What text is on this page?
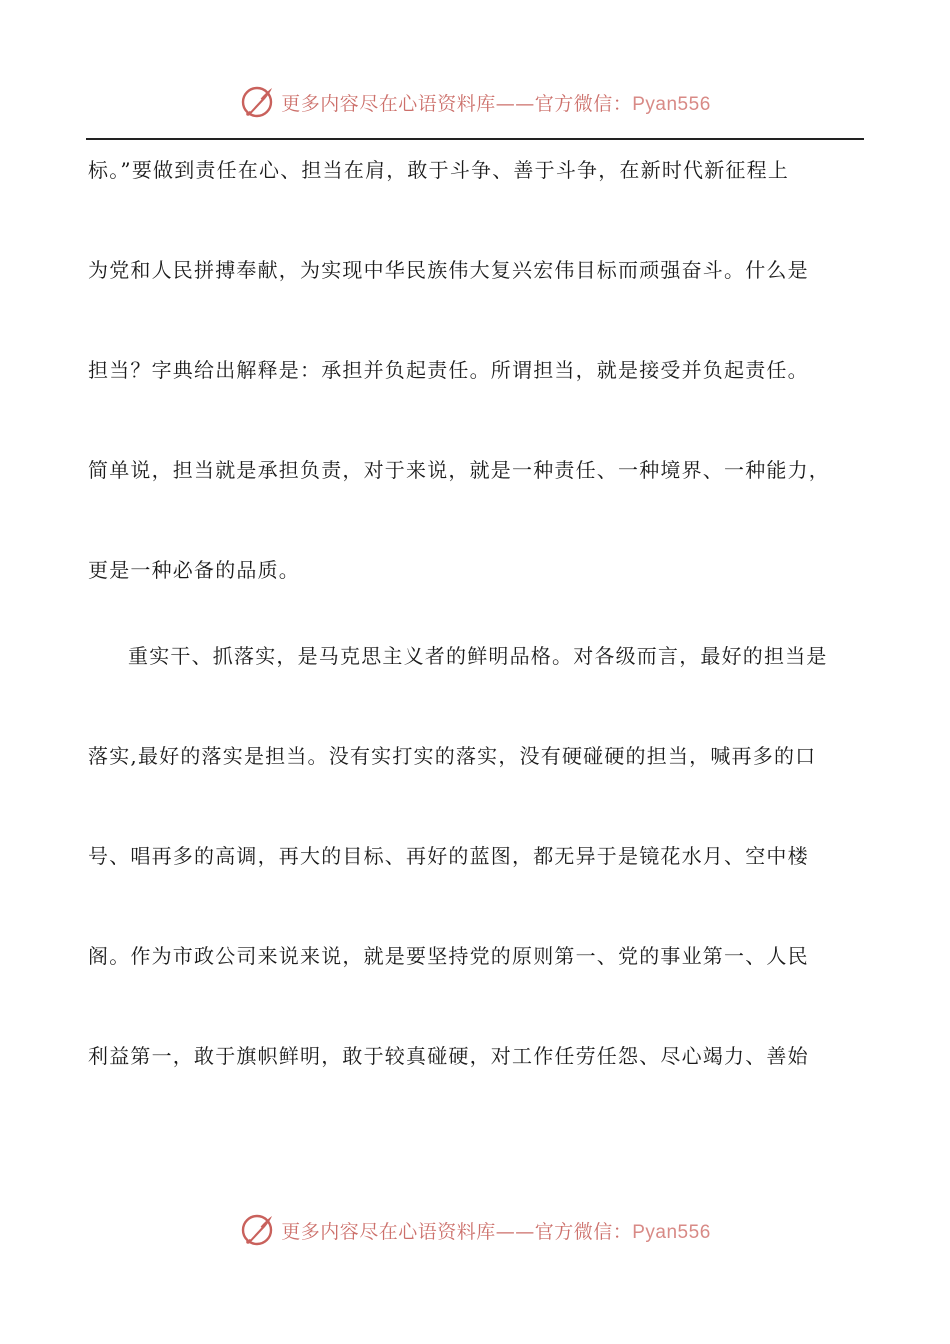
更多内容尽在心语资料库——官方微信：Pyan556
标。”要做到责任在心、担当在肩，敢于斗争、善于斗争，在新时代新征程上
为党和人民拼搏奉献，为实现中华民族伟大复兴宏伟目标而顽强奋斗。什么是
担当？字典给出解释是：承担并负起责任。所谓担当，就是接受并负起责任。
简单说，担当就是承担负责，对于来说，就是一种责任、一种境界、一种能力，
更是一种必备的品质。
重实干、抓落实，是马克思主义者的鲜明品格。对各级而言，最好的担当是
落实,最好的落实是担当。没有实打实的落实，没有硬碰硬的担当，喊再多的口
号、唱再多的高调，再大的目标、再好的蓝图，都无异于是镜花水月、空中楼
阁。作为市政公司来说来说，就是要坚持党的原则第一、党的事业第一、人民
利益第一，敢于旗帜鲜明，敢于较真碰硬，对工作任劳任怨、尽心竭力、善始
更多内容尽在心语资料库——官方微信：Pyan556
